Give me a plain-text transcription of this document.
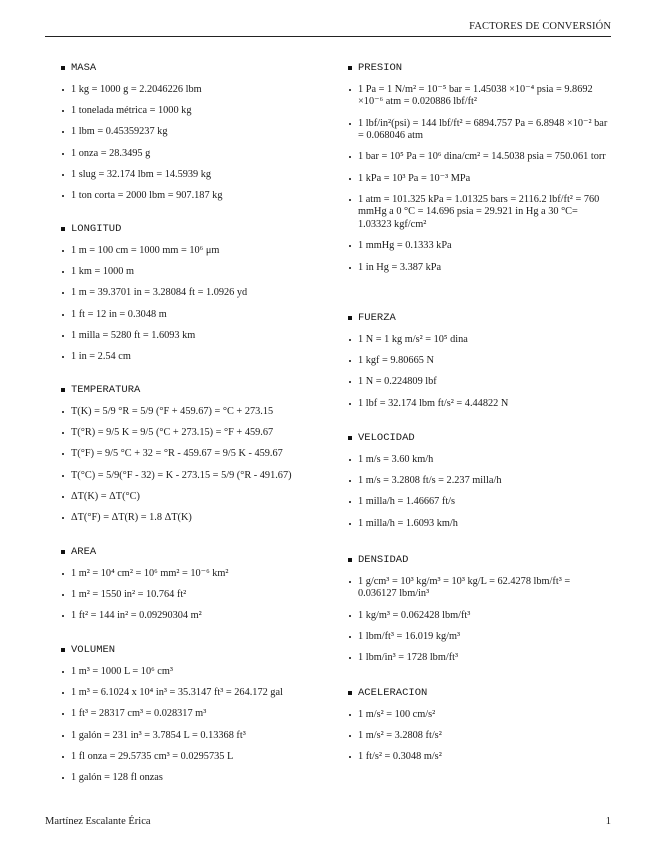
FACTORES DE CONVERSIÓN
MASA
1 kg = 1000 g = 2.2046226 lbm
1 tonelada métrica = 1000 kg
1 lbm = 0.45359237 kg
1 onza = 28.3495 g
1 slug = 32.174 lbm = 14.5939 kg
1 ton corta = 2000 lbm = 907.187 kg
LONGITUD
1 m = 100 cm = 1000 mm = 10⁶ μm
1 km = 1000 m
1 m = 39.3701 in = 3.28084 ft = 1.0926 yd
1 ft = 12 in = 0.3048 m
1 milla = 5280 ft = 1.6093 km
1 in = 2.54 cm
TEMPERATURA
T(K) = 5/9 °R = 5/9 (°F + 459.67) = °C + 273.15
T(°R) = 9/5 K = 9/5 (°C + 273.15) = °F + 459.67
T(°F) = 9/5 °C + 32 = °R - 459.67 = 9/5 K - 459.67
T(°C) = 5/9(°F - 32) = K - 273.15 = 5/9 (°R - 491.67)
ΔT(K) = ΔT(°C)
ΔT(°F) = ΔT(R) = 1.8 ΔT(K)
AREA
1 m² = 10⁴ cm² = 10⁶ mm² = 10⁻⁶ km²
1 m² = 1550 in² = 10.764 ft²
1 ft² = 144 in² = 0.09290304 m²
VOLUMEN
1 m³ = 1000 L = 10⁶ cm³
1 m³ = 6.1024 x 10⁴ in³ = 35.3147 ft³ = 264.172 gal
1 ft³ = 28317 cm³ = 0.028317 m³
1 galón = 231 in³ = 3.7854 L = 0.13368 ft³
1 fl onza = 29.5735 cm³ = 0.0295735 L
1 galón = 128 fl onzas
PRESION
1 Pa = 1 N/m² = 10⁻⁵ bar = 1.45038 ×10⁻⁴ psia = 9.8692 ×10⁻⁶ atm = 0.020886 lbf/ft²
1 lbf/in²(psi) = 144 lbf/ft² = 6894.757 Pa = 6.8948 ×10⁻² bar = 0.068046 atm
1 bar = 10⁵ Pa = 10⁶ dina/cm² = 14.5038 psia = 750.061 torr
1 kPa = 10³ Pa = 10⁻³ MPa
1 atm = 101.325 kPa = 1.01325 bars = 2116.2 lbf/ft² = 760 mmHg a 0 °C = 14.696 psia = 29.921 in Hg a 30 °C= 1.03323 kgf/cm²
1 mmHg = 0.1333 kPa
1 in Hg = 3.387 kPa
FUERZA
1 N = 1 kg m/s² = 10⁵ dina
1 kgf = 9.80665 N
1 N = 0.224809 lbf
1 lbf = 32.174 lbm ft/s² = 4.44822 N
VELOCIDAD
1 m/s = 3.60 km/h
1 m/s = 3.2808 ft/s = 2.237 milla/h
1 milla/h = 1.46667 ft/s
1 milla/h = 1.6093 km/h
DENSIDAD
1 g/cm³ = 10³ kg/m³ = 10³ kg/L = 62.4278 lbm/ft³ = 0.036127 lbm/in³
1 kg/m³ = 0.062428 lbm/ft³
1 lbm/ft³ = 16.019 kg/m³
1 lbm/in³ = 1728 lbm/ft³
ACELERACION
1 m/s² = 100 cm/s²
1 m/s² = 3.2808 ft/s²
1 ft/s² = 0.3048 m/s²
Martínez Escalante Érica	1
